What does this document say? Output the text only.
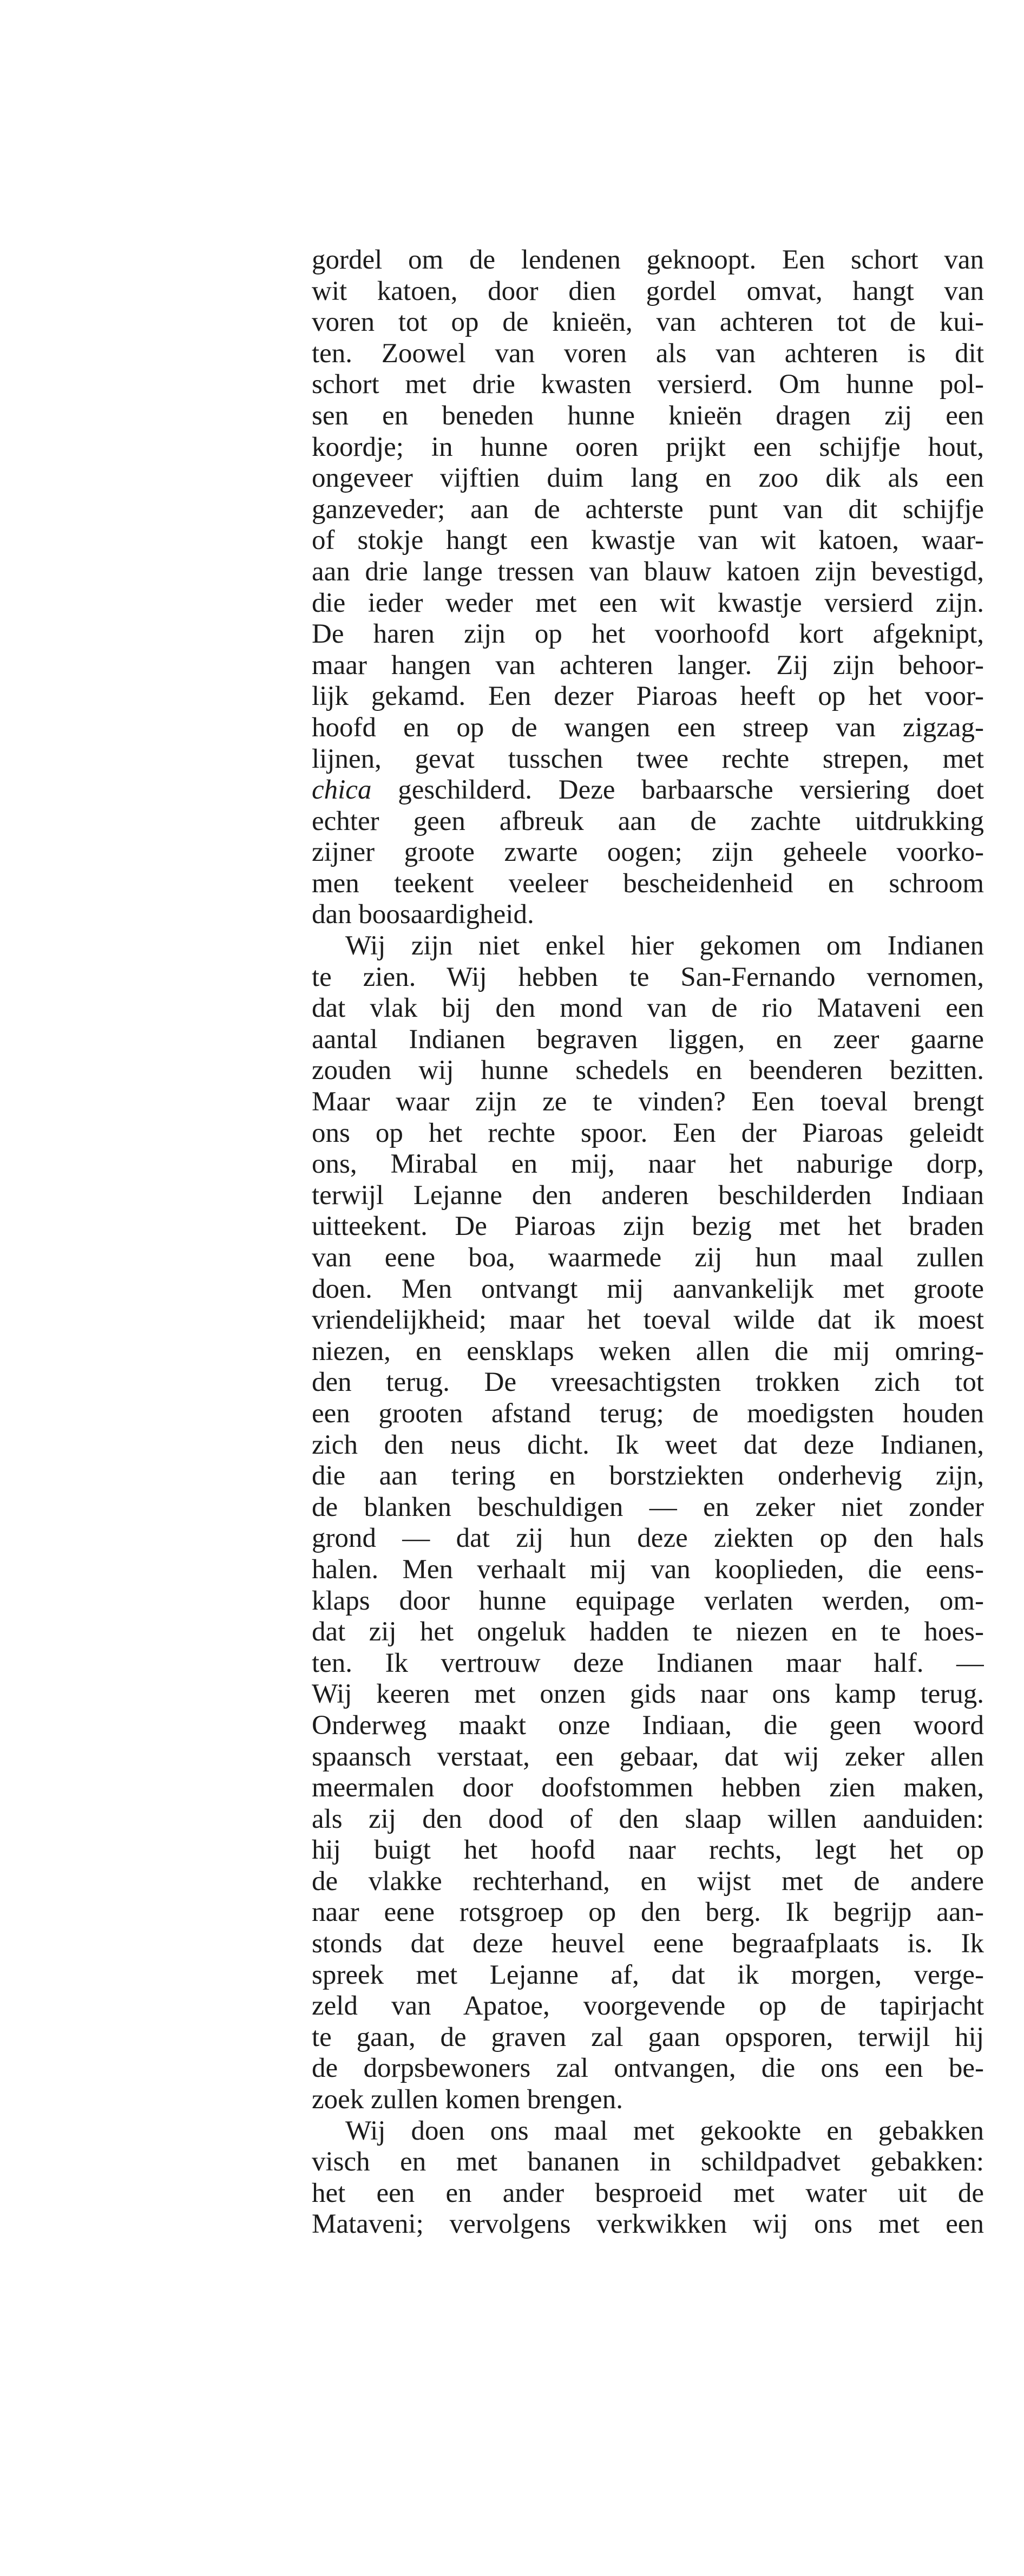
gordel om de lendenen geknoopt. Een schort van
wit katoen, door dien gordel omvat, hangt van
voren tot op de knieën, van achteren tot de kui-
ten. Zoowel van voren als van achteren is dit
schort met drie kwasten versierd. Om hunne pol-
sen en beneden hunne knieën dragen zij een
koordje; in hunne ooren prijkt een schijfje hout,
ongeveer vijftien duim lang en zoo dik als een
ganzeveder; aan de achterste punt van dit schijfje
of stokje hangt een kwastje van wit katoen, waar-
aan drie lange tressen van blauw katoen zijn bevestigd,
die ieder weder met een wit kwastje versierd zijn.
De haren zijn op het voorhoofd kort afgeknipt,
maar hangen van achteren langer. Zij zijn behoor-
lijk gekamd. Een dezer Piaroas heeft op het voor-
hoofd en op de wangen een streep van zigzag-
lijnen, gevat tusschen twee rechte strepen, met
chica geschilderd. Deze barbaarsche versiering doet
echter geen afbreuk aan de zachte uitdrukking
zijner groote zwarte oogen; zijn geheele voorko-
men teekent veeleer bescheidenheid en schroom
dan boosaardigheid.
Wij zijn niet enkel hier gekomen om Indianen
te zien. Wij hebben te San-Fernando vernomen,
dat vlak bij den mond van de rio Mataveni een
aantal Indianen begraven liggen, en zeer gaarne
zouden wij hunne schedels en beenderen bezitten.
Maar waar zijn ze te vinden? Een toeval brengt
ons op het rechte spoor. Een der Piaroas geleidt
ons, Mirabal en mij, naar het naburige dorp,
terwijl Lejanne den anderen beschilderden Indiaan
uitteekent. De Piaroas zijn bezig met het braden
van eene boa, waarmede zij hun maal zullen
doen. Men ontvangt mij aanvankelijk met groote
vriendelijkheid; maar het toeval wilde dat ik moest
niezen, en eensklaps weken allen die mij omring-
den terug. De vreesachtigsten trokken zich tot
een grooten afstand terug; de moedigsten houden
zich den neus dicht. Ik weet dat deze Indianen,
die aan tering en borstziekten onderhevig zijn,
de blanken beschuldigen — en zeker niet zonder
grond — dat zij hun deze ziekten op den hals
halen. Men verhaalt mij van kooplieden, die eens-
klaps door hunne equipage verlaten werden, om-
dat zij het ongeluk hadden te niezen en te hoes-
ten. Ik vertrouw deze Indianen maar half. —
Wij keeren met onzen gids naar ons kamp terug.
Onderweg maakt onze Indiaan, die geen woord
spaansch verstaat, een gebaar, dat wij zeker allen
meermalen door doofstommen hebben zien maken,
als zij den dood of den slaap willen aanduiden:
hij buigt het hoofd naar rechts, legt het op
de vlakke rechterhand, en wijst met de andere
naar eene rotsgroep op den berg. Ik begrijp aan-
stonds dat deze heuvel eene begraafplaats is. Ik
spreek met Lejanne af, dat ik morgen, verge-
zeld van Apatoe, voorgevende op de tapirjacht
te gaan, de graven zal gaan opsporen, terwijl hij
de dorpsbewoners zal ontvangen, die ons een be-
zoek zullen komen brengen.
Wij doen ons maal met gekookte en gebakken
visch en met bananen in schildpadvet gebakken:
het een en ander besproeid met water uit de
Mataveni; vervolgens verkwikken wij ons met een
